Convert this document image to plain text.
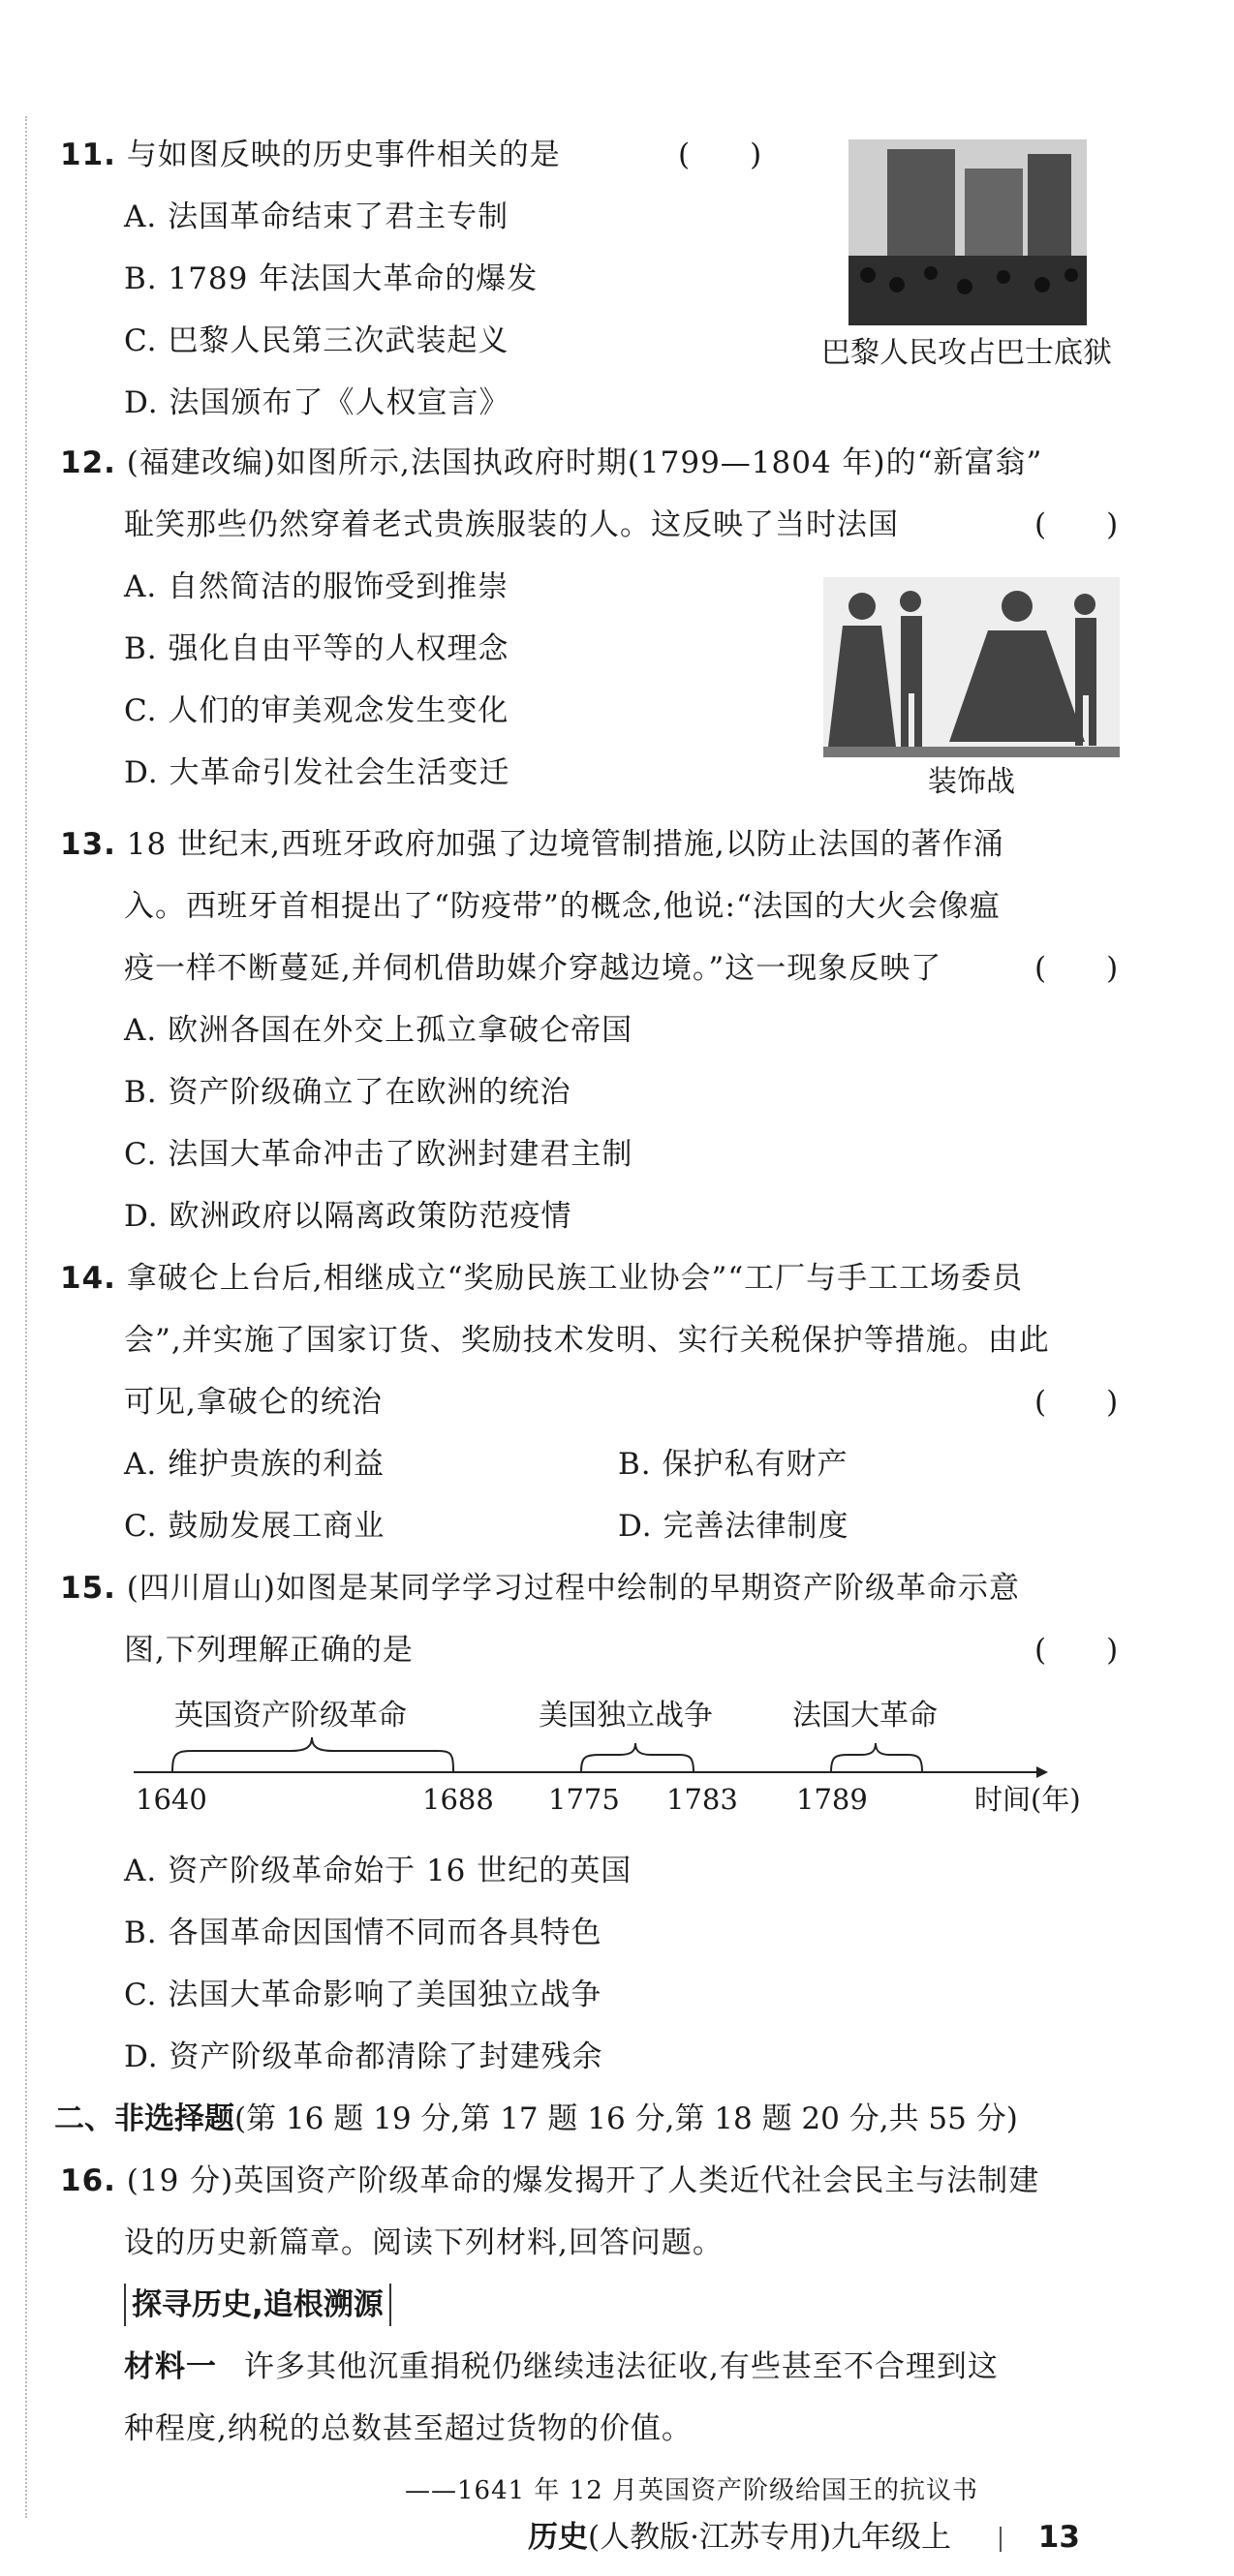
11. 与如图反映的历史事件相关的是	(　　)
A. 法国革命结束了君主专制
B. 1789 年法国大革命的爆发
C. 巴黎人民第三次武装起义
D. 法国颁布了《人权宣言》
巴黎人民攻占巴士底狱
12. (福建改编)如图所示,法国执政府时期(1799—1804 年)的“新富翁”
耻笑那些仍然穿着老式贵族服装的人。这反映了当时法国	(　　)
A. 自然简洁的服饰受到推崇
B. 强化自由平等的人权理念
C. 人们的审美观念发生变化
D. 大革命引发社会生活变迁	装饰战
13. 18 世纪末,西班牙政府加强了边境管制措施,以防止法国的著作涌
入。西班牙首相提出了“防疫带”的概念,他说:“法国的大火会像瘟
疫一样不断蔓延,并伺机借助媒介穿越边境。”这一现象反映了	(　　)
A. 欧洲各国在外交上孤立拿破仑帝国
B. 资产阶级确立了在欧洲的统治
C. 法国大革命冲击了欧洲封建君主制
D. 欧洲政府以隔离政策防范疫情
14. 拿破仑上台后,相继成立“奖励民族工业协会”“工厂与手工工场委员
会”,并实施了国家订货、奖励技术发明、实行关税保护等措施。由此
可见,拿破仑的统治	(　　)
A. 维护贵族的利益	B. 保护私有财产
C. 鼓励发展工商业	D. 完善法律制度
15. (四川眉山)如图是某同学学习过程中绘制的早期资产阶级革命示意
图,下列理解正确的是	(　　)
英国资产阶级革命	美国独立战争	法国大革命
1640	1688 1775 1783 1789	时间(年)
A. 资产阶级革命始于 16 世纪的英国
B. 各国革命因国情不同而各具特色
C. 法国大革命影响了美国独立战争
D. 资产阶级革命都清除了封建残余
二、非选择题(第 16 题 19 分,第 17 题 16 分,第 18 题 20 分,共 55 分)
16. (19 分)英国资产阶级革命的爆发揭开了人类近代社会民主与法制建
设的历史新篇章。阅读下列材料,回答问题。
探寻历史,追根溯源
材料一 许多其他沉重捐税仍继续违法征收,有些甚至不合理到这
种程度,纳税的总数甚至超过货物的价值。
——1641 年 12 月英国资产阶级给国王的抗议书
历史(人教版·江苏专用)九年级上	13
